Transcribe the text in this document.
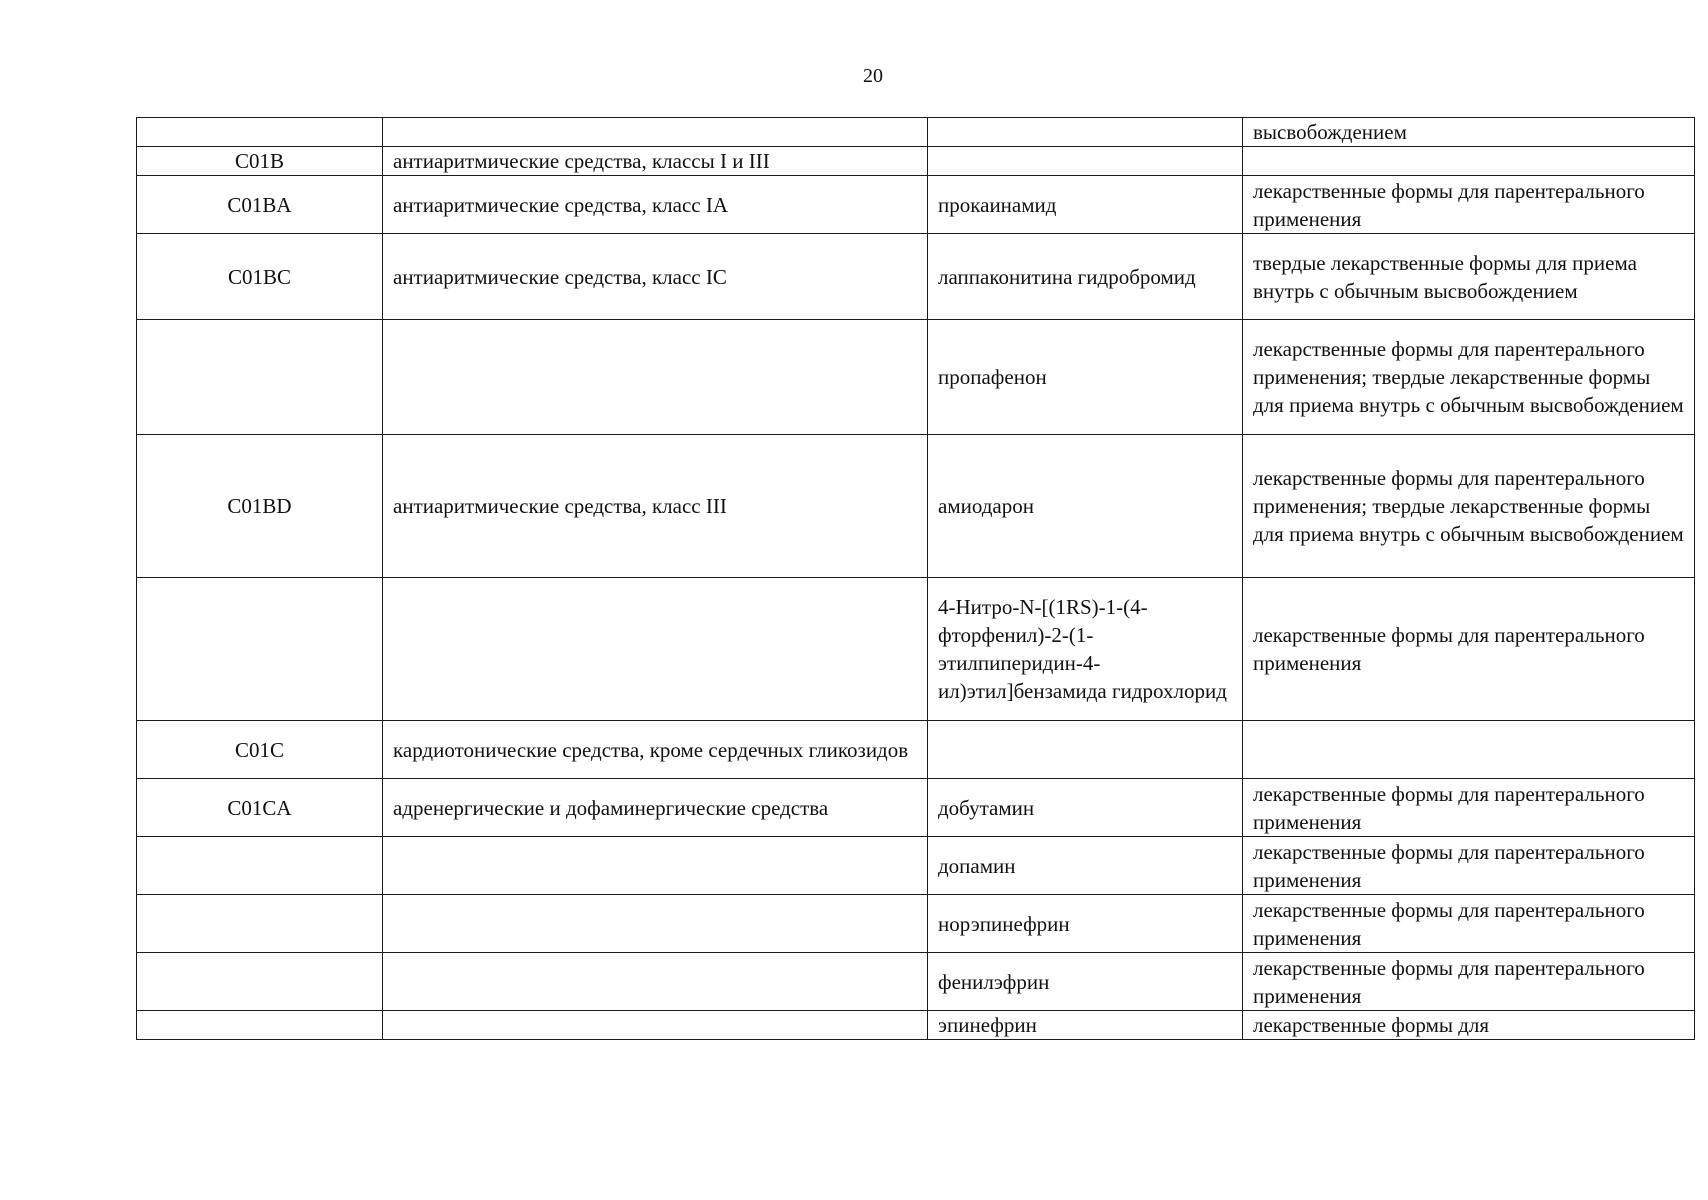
20
			высвобождением
C01B	антиаритмические средства, классы I и III		
C01BA	антиаритмические средства, класс IA	прокаинамид	лекарственные формы для парентерального применения
C01BC	антиаритмические средства, класс IC	лаппаконитина гидробромид	твердые лекарственные формы для приема внутрь с обычным высвобождением
		пропафенон	лекарственные формы для парентерального применения; твердые лекарственные формы для приема внутрь с обычным высвобождением
C01BD	антиаритмические средства, класс III	амиодарон	лекарственные формы для парентерального применения; твердые лекарственные формы для приема внутрь с обычным высвобождением
		4-Нитро-N-[(1RS)-1-(4-фторфенил)-2-(1-этилпиперидин-4-ил)этил]бензамида гидрохлорид	лекарственные формы для парентерального применения
C01C	кардиотонические средства, кроме сердечных гликозидов		
C01CA	адренергические и дофаминергические средства	добутамин	лекарственные формы для парентерального применения
		допамин	лекарственные формы для парентерального применения
		норэпинефрин	лекарственные формы для парентерального применения
		фенилэфрин	лекарственные формы для парентерального применения
		эпинефрин	лекарственные формы для
